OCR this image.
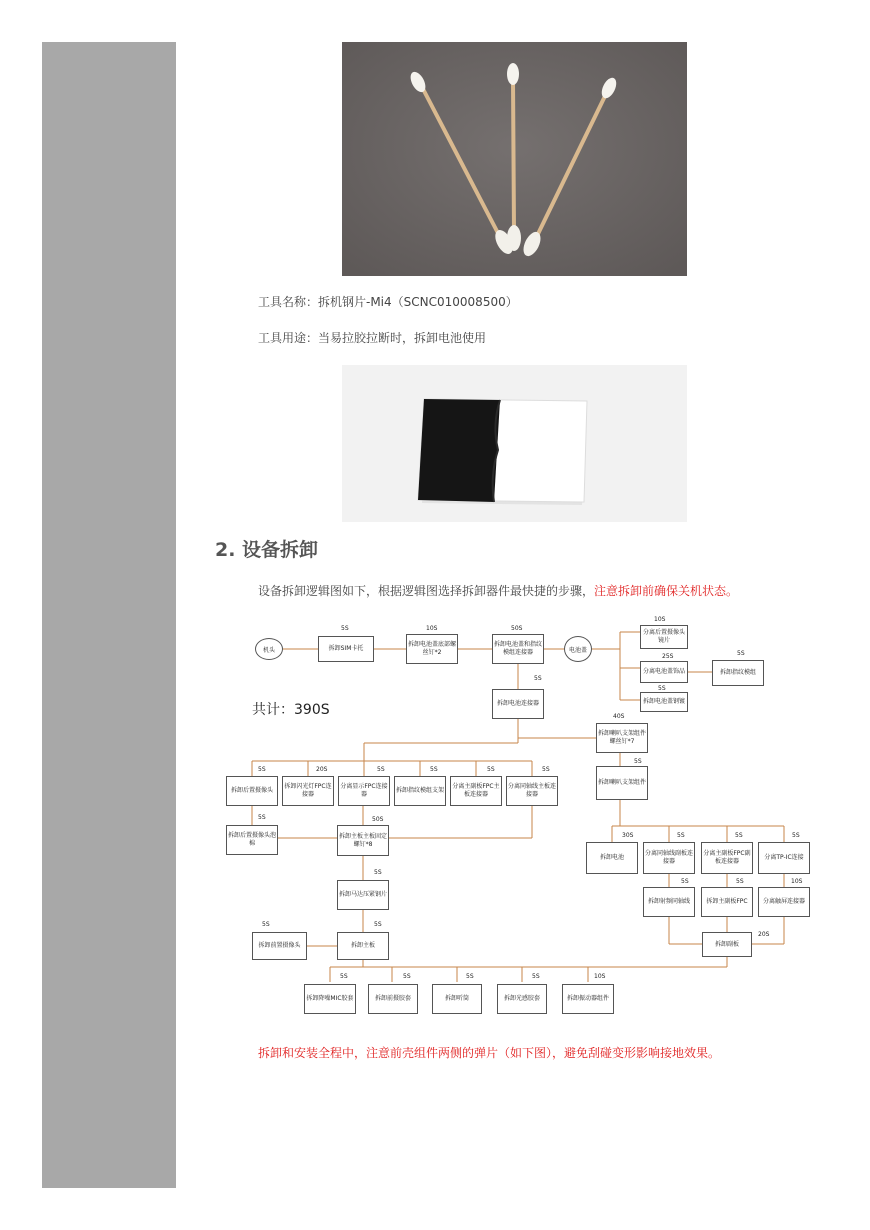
工具名称：拆机钢片-Mi4（SCNC010008500）
工具用途：当易拉胶拉断时，拆卸电池使用
2. 设备拆卸
设备拆卸逻辑图如下，根据逻辑图选择拆卸器件最快捷的步骤，注意拆卸前确保关机状态。
机头
5S
拆卸SIM卡托
10S
拆卸电池盖底部螺丝钉*2
50S
拆卸电池盖和指纹模组连接器	电池盖
10S
分离后置摄像头镜片
25S
分离电池盖饰品
5S
拆卸指纹模组
5S
拆卸电池盖钢镀
5S
拆卸电池连接器
共计：390S	40S
拆卸喇叭支架组件螺丝钉*7
5S
拆卸喇叭支架组件
5S
拆卸后置摄像头
20S
拆卸闪光灯FPC连接器
5S
分离显示FPC连接器
5S
拆卸指纹模组支架
5S
分离主副板FPC主板连接器
5S
分离同轴线主板连接器
5S
拆卸后置摄像头泡棉
50S
拆卸主板主板固定螺钉*8
5S
拆卸马达压紧钢片
5S
拆卸前置摄像头
5S
拆卸主板
5S
拆卸降噪MIC胶套
5S
拆卸前摄胶套
5S
拆卸听筒
5S
拆卸光感胶套
10S
拆卸振动器组件
30S
拆卸电池
5S
分离同轴线副板连接器
5S
分离主副板FPC副板连接器
5S
分离TP-IC连接
5S
拆卸射频同轴线
5S
拆卸主副板FPC
10S
分离触屏连接器
20S
拆卸副板
拆卸和安装全程中，注意前壳组件两侧的弹片（如下图），避免刮碰变形影响接地效果。
